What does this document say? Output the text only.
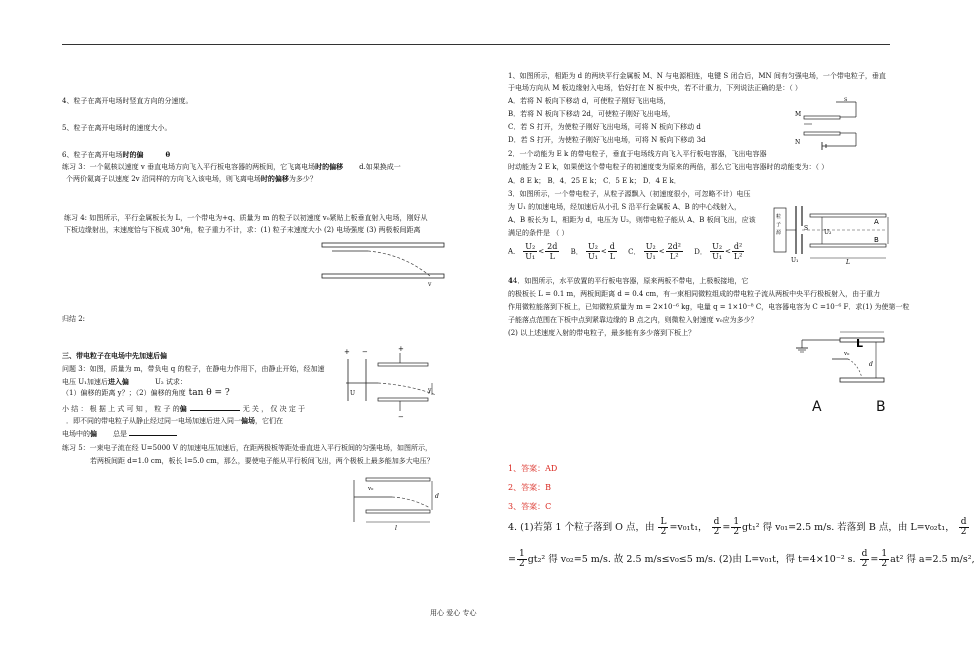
4、粒子在离开电场时竖直方向的分速度。
5、粒子在离开电场时的速度大小。
6、粒子在离开电场时的偏	θ
练习 3：一个氦核以速度 v 垂直电场方向飞入平行板电容器的两板间，它飞离电场时的偏移 d.如果换成一
个两价氦离子以速度 2v 沿同样的方向飞入该电场，则飞离电场时的偏移为多少？
练习 4: 如图所示，平行金属板长为 L，一个带电为+q、质量为 m 的粒子以初速度 v₀紧贴上板垂直射入电场，刚好从
下板边缘射出，末速度恰与下板成 30°角，粒子重力不计，求：(1) 粒子末速度大小 (2) 电场强度 (3) 两极板间距离
v
归结 2:
三、带电粒子在电场中先加速后偏
问题 3：如图，质量为 m，带负电 q 的粒子，在静电力作用下，由静止开始，经加速
电压 U₁加速后进入偏	U₂ 试求：
（1）偏移的距离 y？；（2）偏移的角度 tan θ = ?
小 结 ： 根 据 上 式 可 知 ， 粒 子 的偏	无 关 ， 仅 决 定 于
．即不同的带电粒子从静止经过同一电场加速后进入同一偏场，它们在
电场中的偏 总是
+ −
U
+
−
y
练习 5：一束电子流在经 U=5000 V 的加速电压加速后，在距两极板等距处垂直进入平行板间的匀强电场，如图所示，
若两板间距 d=1.0 cm，板长 l=5.0 cm，那么，要使电子能从平行板间飞出，两个极板上最多能加多大电压？
v₀
d
l
1、如图所示，相距为 d 的两块平行金属板 M、N 与电源相连，电键 S 闭合后，MN 间有匀强电场，一个带电粒子，垂直
于电场方向从 M 板边缘射入电场，恰好打在 N 板中央，若不计重力，下列说法正确的是：（ ）
A．若将 N 板向下移动 d，可使粒子刚好飞出电场，
B．若将 N 板向下移动 2d，可使粒子刚好飞出电场，
C．若 S 打开，为使粒子刚好飞出电场，可将 N 板向下移动 d
D．若 S 打开，为使粒子刚好飞出电场，可将 N 板向下移动 3d
M
N
S
2．一个动能为 E k 的带电粒子，垂直于电场线方向飞入平行板电容器，飞出电容器
时动能为 2 E k，如果使这个带电粒子的初速度变为原来的两倍，那么它飞出电容器时的动能变为：（ ）
A．8 E k； B．4．25 E k； C．5 E k； D．4 E k．
3．如图所示，一个带电粒子，从粒子源飘入（初速度很小，可忽略不计）电压
为 U₁ 的加速电场，经加速后从小孔 S 沿平行金属板 A、B 的中心线射入，
A、B 板长为 L，相距为 d，电压为 U₂，则带电粒子能从 A、B 板间飞出，应该
满足的条件是 （ ）
A． $\frac{\text{U₂}}{\text{U₁}} < \frac{2d}{L}$ B． $\frac{\text{U₂}}{\text{U₁}} < \frac{d}{L}$ C． $\frac{\text{U₂}}{\text{U₁}} < \frac{\text{2d²}}{\text{L²}}$ D． $\frac{\text{U₂}}{\text{U₁}} < \frac{\text{d²}}{\text{L²}}$
粒
子
源
S
A
B
U₂
U₁	L
44．如图所示，水平放置的平行板电容器，原来两板不带电，上极板接地，它
的极板长 L = 0.1 m，两板间距离 d = 0.4 cm，有一束相同微粒组成的带电粒子流从两板中央平行极板射入，由于重力
作用微粒能落到下板上，已知微粒质量为 m = 2×10⁻⁶ kg，电量 q = 1×10⁻⁸ C，电容器电容为 C =10⁻⁶ F．求(1) 为使第一粒
子能落点范围在下板中点到紧靠边缘的 B 点之内，则微粒入射速度 v₀应为多少？
(2) 以上述速度入射的带电粒子，最多能有多少落到下板上？
L
v₀
d
A	B
1、答案：AD
2、答案：B
3、答案：C
4. (1)若第 1 个粒子落到 O 点，由 $\frac{L}{2} =v_{01}t_1$， $\frac{d}{2} = \frac{1}{2} gt_1^2$ 得 v₀₁=2.5 m/s. 若落到 B 点，由 L=v₀₂t₁， $\frac{d}{2}$
= $\frac{1}{2} gt_2^2$ 得 v₀₂=5 m/s. 故 2.5 m/s≤v₀≤5 m/s. (2)由 L=v₀₁t，得 t=4×10⁻² s. $\frac{d}{2} = \frac{1}{2} at^2$ 得 a=2.5 m/s²,
用心 爱心 专心
